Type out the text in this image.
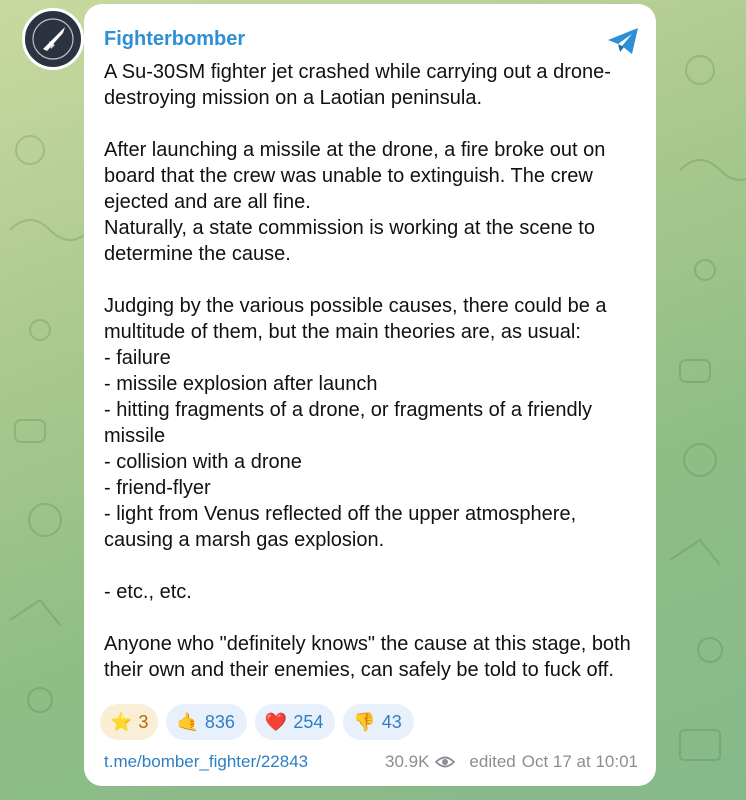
Fighterbomber

A Su-30SM fighter jet crashed while carrying out a drone-destroying mission on a Laotian peninsula.

After launching a missile at the drone, a fire broke out on board that the crew was unable to extinguish. The crew ejected and are all fine.
Naturally, a state commission is working at the scene to determine the cause.

Judging by the various possible causes, there could be a multitude of them, but the main theories are, as usual:
- failure
- missile explosion after launch
- hitting fragments of a drone, or fragments of a friendly missile
- collision with a drone
- friend-flyer
- light from Venus reflected off the upper atmosphere, causing a marsh gas explosion.

- etc., etc.

Anyone who "definitely knows" the cause at this stage, both their own and their enemies, can safely be told to fuck off.

⭐ 3 🤙 836 ❤️ 254 👎 43
t.me/bomber_fighter/22843	30.9K edited Oct 17 at 10:01
